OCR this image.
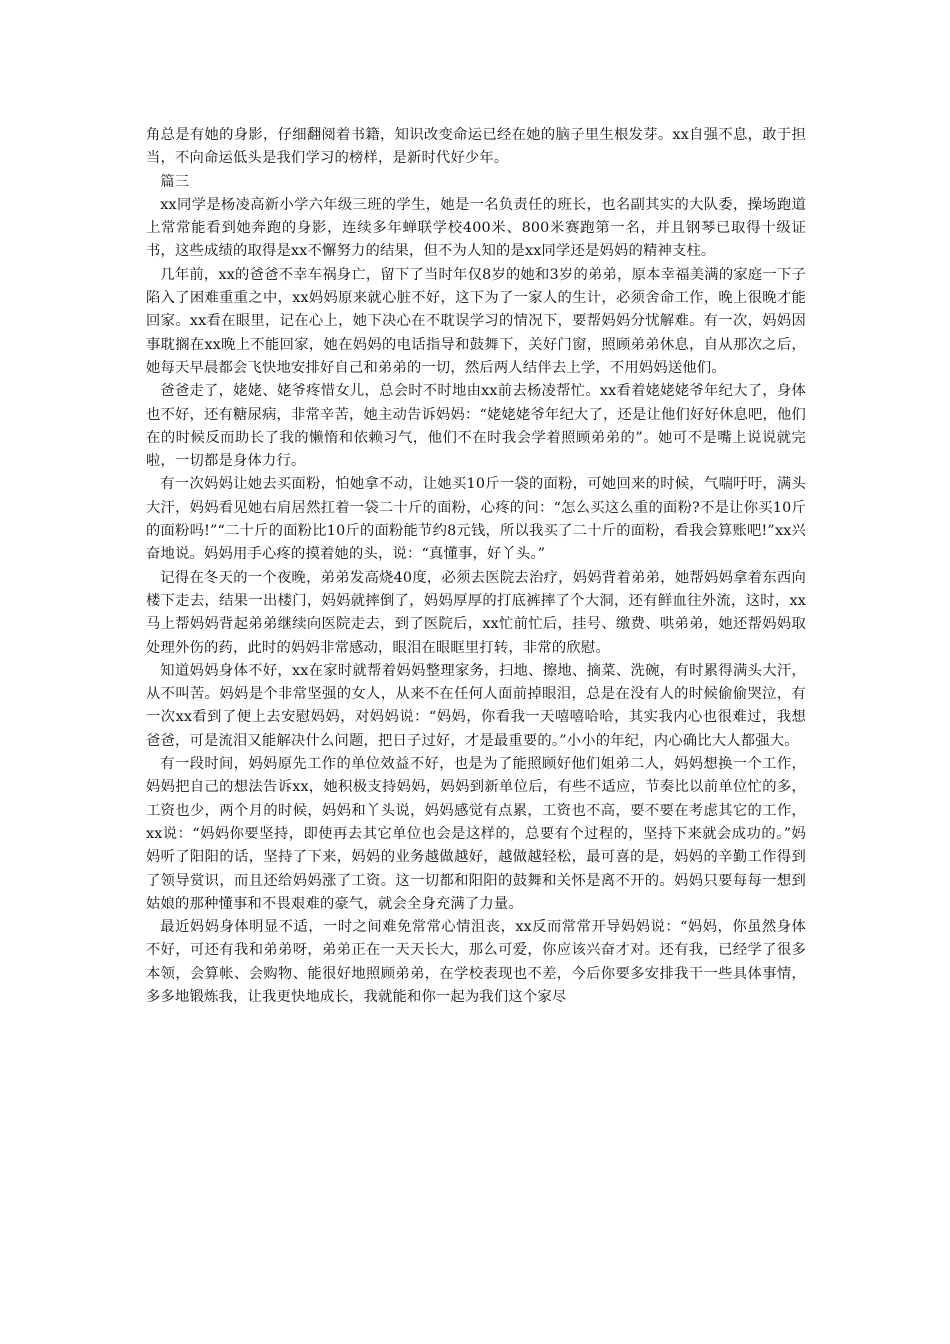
角总是有她的身影，仔细翻阅着书籍，知识改变命运已经在她的脑子里生根发芽。xx自强不息，敢于担当，不向命运低头是我们学习的榜样，是新时代好少年。

篇三

xx同学是杨凌高新小学六年级三班的学生，她是一名负责任的班长，也名副其实的大队委，操场跑道上常常能看到她奔跑的身影，连续多年蝉联学校400米、800米赛跑第一名，并且钢琴已取得十级证书，这些成绩的取得是xx不懈努力的结果，但不为人知的是xx同学还是妈妈的精神支柱。

几年前，xx的爸爸不幸车祸身亡，留下了当时年仅8岁的她和3岁的弟弟，原本幸福美满的家庭一下子陷入了困难重重之中，xx妈妈原来就心脏不好，这下为了一家人的生计，必须舍命工作，晚上很晚才能回家。xx看在眼里，记在心上，她下决心在不耽误学习的情况下，要帮妈妈分忧解难。有一次，妈妈因事耽搁在xx晚上不能回家，她在妈妈的电话指导和鼓舞下，关好门窗，照顾弟弟休息，自从那次之后，她每天早晨都会飞快地安排好自己和弟弟的一切，然后两人结伴去上学，不用妈妈送他们。

爸爸走了，姥姥、姥爷疼惜女儿，总会时不时地由xx前去杨凌帮忙。xx看着姥姥姥爷年纪大了，身体也不好，还有糖尿病，非常辛苦，她主动告诉妈妈：“姥姥姥爷年纪大了，还是让他们好好休息吧，他们在的时候反而助长了我的懒惰和依赖习气，他们不在时我会学着照顾弟弟的”。她可不是嘴上说说就完啦，一切都是身体力行。

有一次妈妈让她去买面粉，怕她拿不动，让她买10斤一袋的面粉，可她回来的时候，气喘吁吁，满头大汗，妈妈看见她右肩居然扛着一袋二十斤的面粉，心疼的问：“怎么买这么重的面粉?不是让你买10斤的面粉吗!”“二十斤的面粉比10斤的面粉能节约8元钱，所以我买了二十斤的面粉，看我会算账吧!”xx兴奋地说。妈妈用手心疼的摸着她的头，说：“真懂事，好丫头。”

记得在冬天的一个夜晚，弟弟发高烧40度，必须去医院去治疗，妈妈背着弟弟，她帮妈妈拿着东西向楼下走去，结果一出楼门，妈妈就摔倒了，妈妈厚厚的打底裤摔了个大洞，还有鲜血往外流，这时，xx马上帮妈妈背起弟弟继续向医院走去，到了医院后，xx忙前忙后，挂号、缴费、哄弟弟，她还帮妈妈取处理外伤的药，此时的妈妈非常感动，眼泪在眼眶里打转，非常的欣慰。

知道妈妈身体不好，xx在家时就帮着妈妈整理家务，扫地、擦地、摘菜、洗碗，有时累得满头大汗，从不叫苦。妈妈是个非常坚强的女人，从来不在任何人面前掉眼泪，总是在没有人的时候偷偷哭泣，有一次xx看到了便上去安慰妈妈，对妈妈说：“妈妈，你看我一天嘻嘻哈哈，其实我内心也很难过，我想爸爸，可是流泪又能解决什么问题，把日子过好，才是最重要的。”小小的年纪，内心确比大人都强大。

有一段时间，妈妈原先工作的单位效益不好，也是为了能照顾好他们姐弟二人，妈妈想换一个工作，妈妈把自己的想法告诉xx，她积极支持妈妈，妈妈到新单位后，有些不适应，节奏比以前单位忙的多，工资也少，两个月的时候，妈妈和丫头说，妈妈感觉有点累，工资也不高，要不要在考虑其它的工作，xx说：“妈妈你要坚持，即使再去其它单位也会是这样的，总要有个过程的，坚持下来就会成功的。”妈妈听了阳阳的话，坚持了下来，妈妈的业务越做越好，越做越轻松，最可喜的是，妈妈的辛勤工作得到了领导赏识，而且还给妈妈涨了工资。这一切都和阳阳的鼓舞和关怀是离不开的。妈妈只要每每一想到姑娘的那种懂事和不畏艰难的豪气，就会全身充满了力量。

最近妈妈身体明显不适，一时之间难免常常心情沮丧，xx反而常常开导妈妈说：“妈妈，你虽然身体不好，可还有我和弟弟呀，弟弟正在一天天长大，那么可爱，你应该兴奋才对。还有我，已经学了很多本领，会算帐、会购物、能很好地照顾弟弟，在学校表现也不差，今后你要多安排我干一些具体事情，多多地锻炼我，让我更快地成长，我就能和你一起为我们这个家尽
